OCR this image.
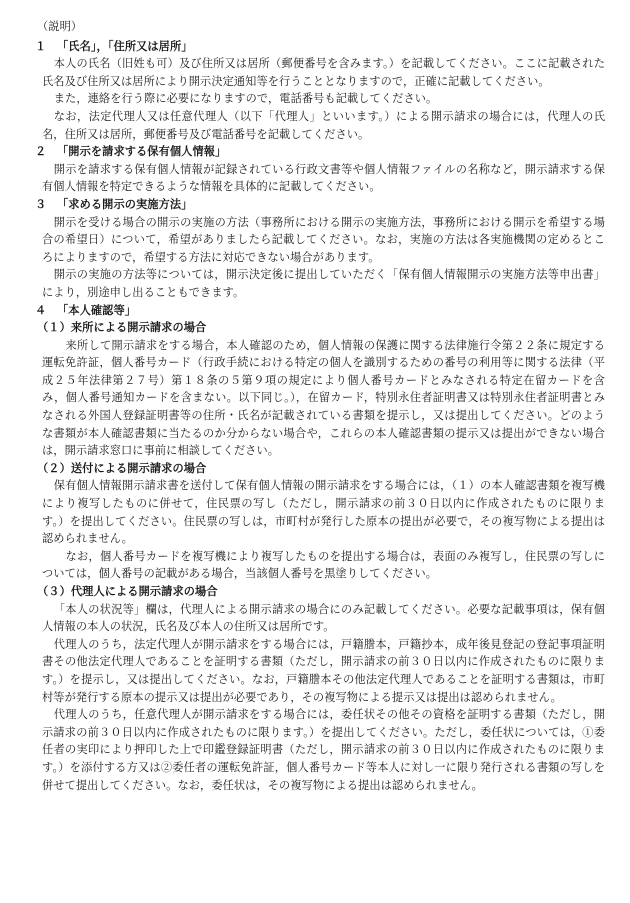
（説明）
１ 「氏名」，「住所又は居所」

本人の氏名（旧姓も可）及び住所又は居所（郵便番号を含みます。）を記載してください。ここに記載された氏名及び住所又は居所により開示決定通知等を行うこととなりますので，正確に記載してください。

また，連絡を行う際に必要になりますので，電話番号も記載してください。

なお，法定代理人又は任意代理人（以下「代理人」といいます。）による開示請求の場合には，代理人の氏名，住所又は居所，郵便番号及び電話番号を記載してください。

２ 「開示を請求する保有個人情報」

開示を請求する保有個人情報が記録されている行政文書等や個人情報ファイルの名称など，開示請求する保有個人情報を特定できるような情報を具体的に記載してください。

３ 「求める開示の実施方法」

開示を受ける場合の開示の実施の方法（事務所における開示の実施方法，事務所における開示を希望する場合の希望日）について，希望がありましたら記載してください。なお，実施の方法は各実施機関の定めるところによりますので，希望する方法に対応できない場合があります。

開示の実施の方法等については，開示決定後に提出していただく「保有個人情報開示の実施方法等申出書」により，別途申し出ることもできます。

４ 「本人確認等」
（１）来所による開示請求の場合

来所して開示請求をする場合，本人確認のため，個人情報の保護に関する法律施行令第２２条に規定する運転免許証，個人番号カード（行政手続における特定の個人を識別するための番号の利用等に関する法律（平成２５年法律第２７号）第１８条の５第９項の規定により個人番号カードとみなされる特定在留カードを含み，個人番号通知カードを含まない。以下同じ。），在留カード，特別永住者証明書又は特別永住者証明書とみなされる外国人登録証明書等の住所・氏名が記載されている書類を提示し，又は提出してください。どのような書類が本人確認書類に当たるのか分からない場合や，これらの本人確認書類の提示又は提出ができない場合は，開示請求窓口に事前に相談してください。

（２）送付による開示請求の場合

保有個人情報開示請求書を送付して保有個人情報の開示請求をする場合には，（１）の本人確認書類を複写機により複写したものに併せて，住民票の写し（ただし，開示請求の前３０日以内に作成されたものに限ります。）を提出してください。住民票の写しは，市町村が発行した原本の提出が必要で，その複写物による提出は認められません。

なお，個人番号カードを複写機により複写したものを提出する場合は，表面のみ複写し，住民票の写しについては，個人番号の記載がある場合，当該個人番号を黒塗りしてください。

（３）代理人による開示請求の場合

「本人の状況等」欄は，代理人による開示請求の場合にのみ記載してください。必要な記載事項は，保有個人情報の本人の状況，氏名及び本人の住所又は居所です。

代理人のうち，法定代理人が開示請求をする場合には，戸籍謄本，戸籍抄本，成年後見登記の登記事項証明書その他法定代理人であることを証明する書類（ただし，開示請求の前３０日以内に作成されたものに限ります。）を提示し，又は提出してください。なお，戸籍謄本その他法定代理人であることを証明する書類は，市町村等が発行する原本の提示又は提出が必要であり，その複写物による提示又は提出は認められません。

代理人のうち，任意代理人が開示請求をする場合には，委任状その他その資格を証明する書類（ただし，開示請求の前３０日以内に作成されたものに限ります。）を提出してください。ただし，委任状については，①委任者の実印により押印した上で印鑑登録証明書（ただし，開示請求の前３０日以内に作成されたものに限ります。）を添付する方又は②委任者の運転免許証，個人番号カード等本人に対し一に限り発行される書類の写しを併せて提出してください。なお，委任状は，その複写物による提出は認められません。
